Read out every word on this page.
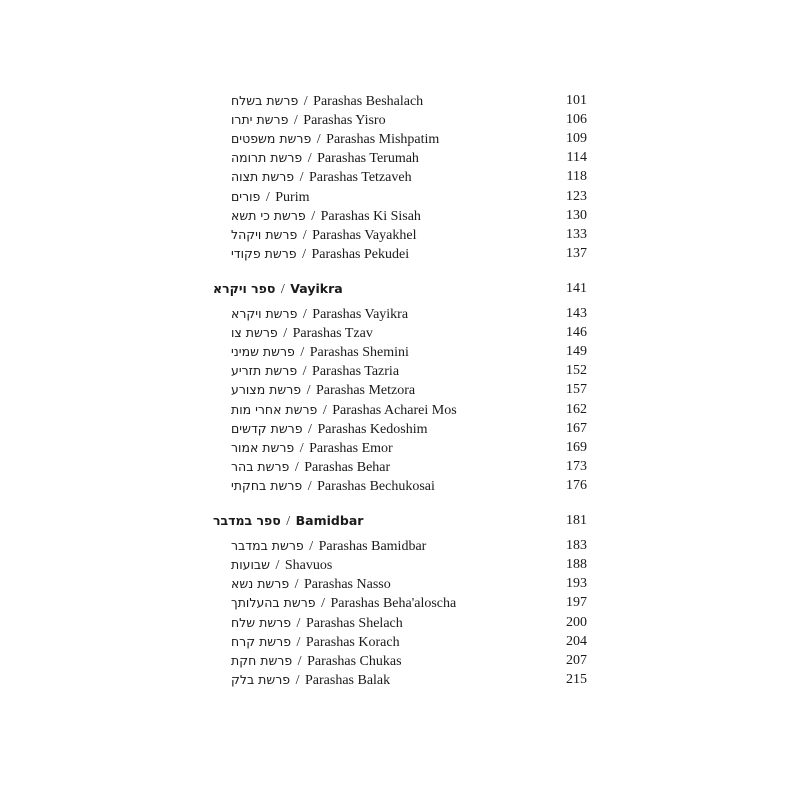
פרשת בשלח / Parashas Beshalach	101
פרשת יתרו / Parashas Yisro	106
פרשת משפטים / Parashas Mishpatim	109
פרשת תרומה / Parashas Terumah	114
פרשת תצוה / Parashas Tetzaveh	118
פורים / Purim	123
פרשת כי תשא / Parashas Ki Sisah	130
פרשת ויקהל / Parashas Vayakhel	133
פרשת פקודי / Parashas Pekudei	137
ספר ויקרא / Vayikra	141
פרשת ויקרא / Parashas Vayikra	143
פרשת צו / Parashas Tzav	146
פרשת שמיני / Parashas Shemini	149
פרשת תזריע / Parashas Tazria	152
פרשת מצורע / Parashas Metzora	157
פרשת אחרי מות / Parashas Acharei Mos	162
פרשת קדשים / Parashas Kedoshim	167
פרשת אמור / Parashas Emor	169
פרשת בהר / Parashas Behar	173
פרשת בחקתי / Parashas Bechukosai	176
ספר במדבר / Bamidbar	181
פרשת במדבר / Parashas Bamidbar	183
שבועות / Shavuos	188
פרשת נשא / Parashas Nasso	193
פרשת בהעלותך / Parashas Beha'aloscha	197
פרשת שלח / Parashas Shelach	200
פרשת קרח / Parashas Korach	204
פרשת חקת / Parashas Chukas	207
פרשת בלק / Parashas Balak	215
